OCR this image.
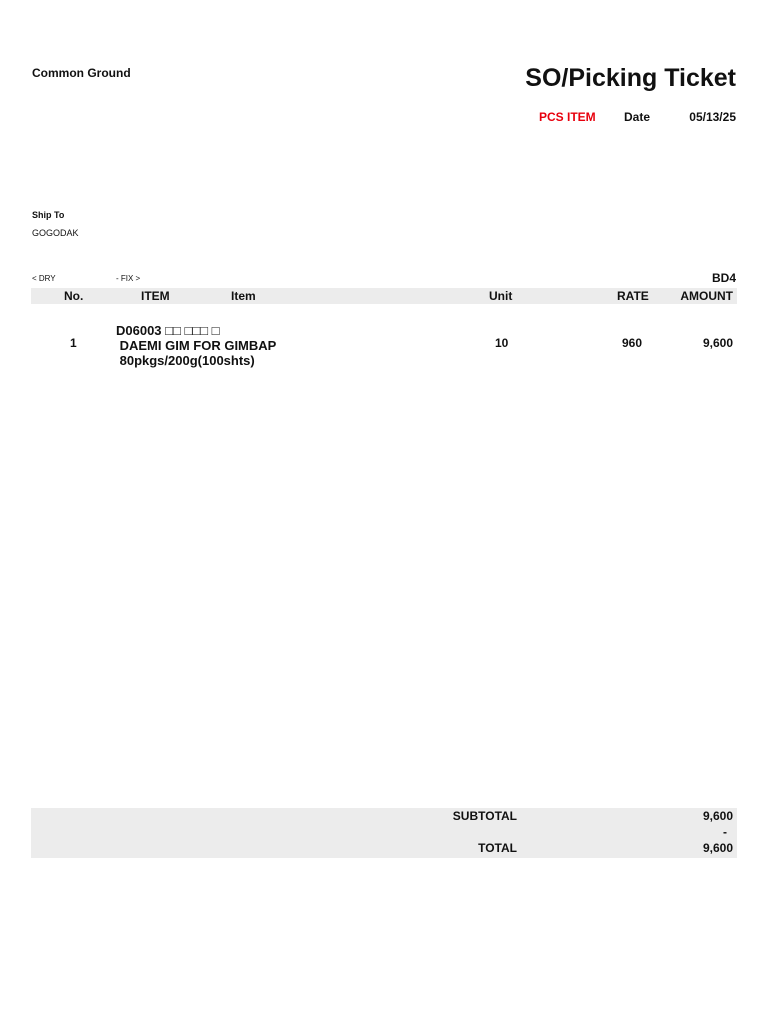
Common Ground	SO/Picking Ticket
PCS ITEM Date	05/13/25
Ship To
GOGODAK
< DRY	- FIX >	BD4
No.	ITEM	Item	Unit	RATE	AMOUNT
1
D06003 □□ □□□ □
DAEMI GIM FOR GIMBAP
80pkgs/200g(100shts)
10	960	9,600
SUBTOTAL	9,600
-
TOTAL	9,600
